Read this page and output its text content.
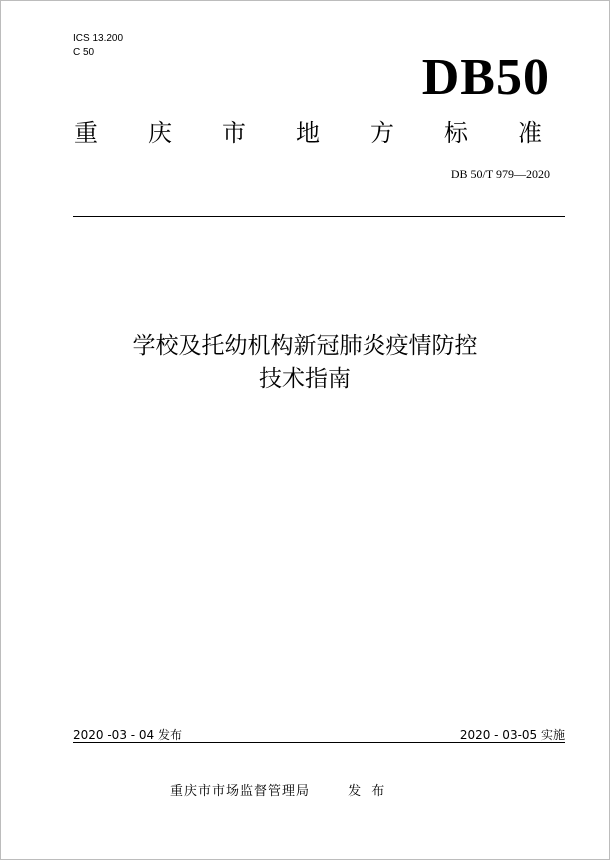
ICS 13.200
C 50	DB50
重庆市地方标准
DB 50/T 979—2020
学校及托幼机构新冠肺炎疫情防控
技术指南
2020 -03 - 04 发布	2020 - 03-05 实施
重庆市市场监督管理局	发 布
